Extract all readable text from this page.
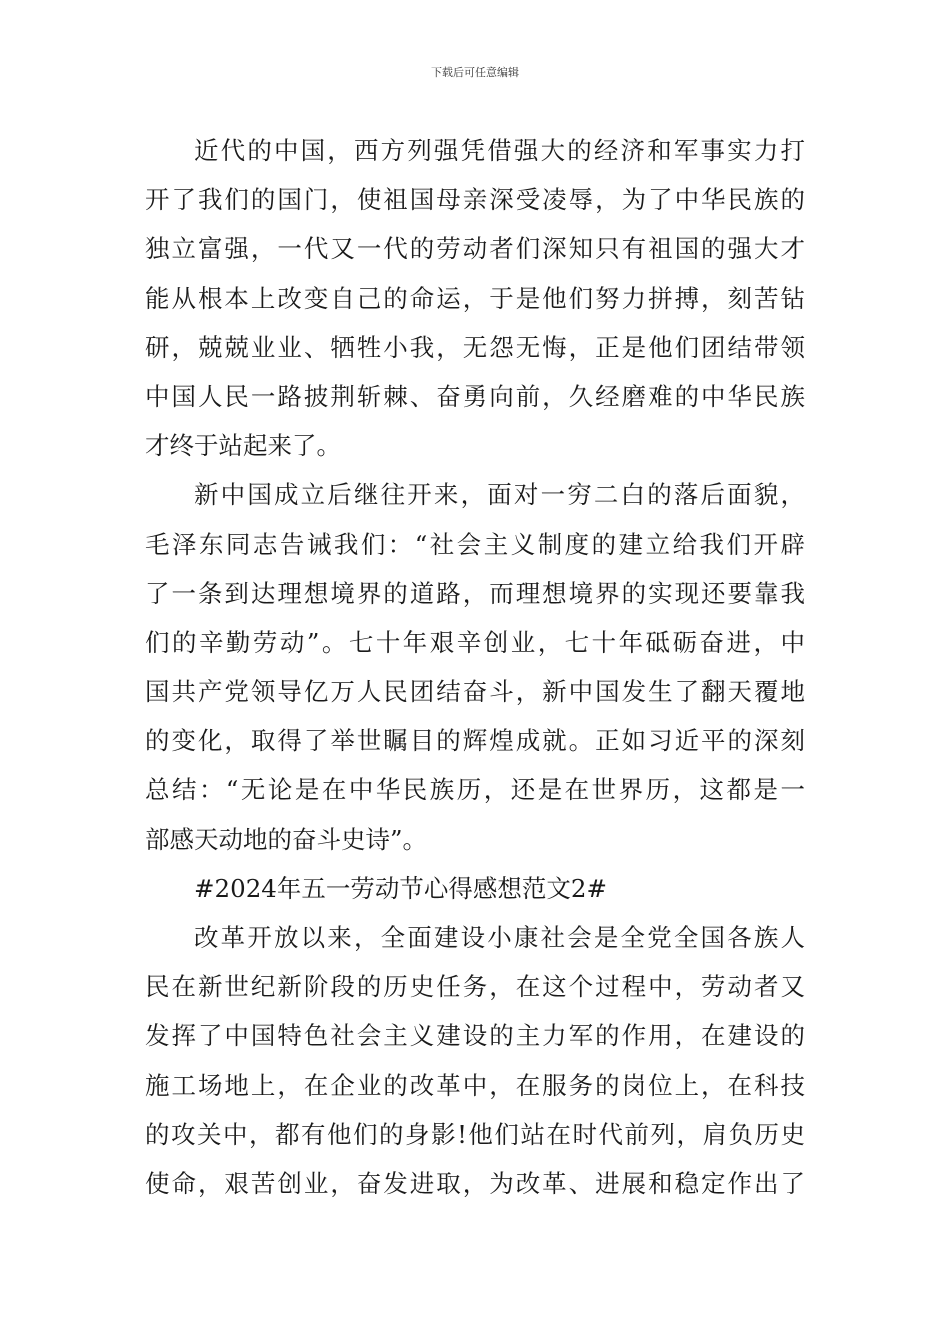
下载后可任意编辑
近代的中国，西方列强凭借强大的经济和军事实力打
开了我们的国门，使祖国母亲深受凌辱，为了中华民族的
独立富强，一代又一代的劳动者们深知只有祖国的强大才
能从根本上改变自己的命运，于是他们努力拼搏，刻苦钻
研，兢兢业业、牺牲小我，无怨无悔，正是他们团结带领
中国人民一路披荆斩棘、奋勇向前，久经磨难的中华民族
才终于站起来了。
新中国成立后继往开来，面对一穷二白的落后面貌，
毛泽东同志告诫我们：“社会主义制度的建立给我们开辟
了一条到达理想境界的道路，而理想境界的实现还要靠我
们的辛勤劳动”。七十年艰辛创业，七十年砥砺奋进，中
国共产党领导亿万人民团结奋斗，新中国发生了翻天覆地
的变化，取得了举世瞩目的辉煌成就。正如习近平的深刻
总结：“无论是在中华民族历，还是在世界历，这都是一
部感天动地的奋斗史诗”。
#2024年五一劳动节心得感想范文2#
改革开放以来，全面建设小康社会是全党全国各族人
民在新世纪新阶段的历史任务，在这个过程中，劳动者又
发挥了中国特色社会主义建设的主力军的作用，在建设的
施工场地上，在企业的改革中，在服务的岗位上，在科技
的攻关中，都有他们的身影!他们站在时代前列，肩负历史
使命，艰苦创业，奋发进取，为改革、进展和稳定作出了
